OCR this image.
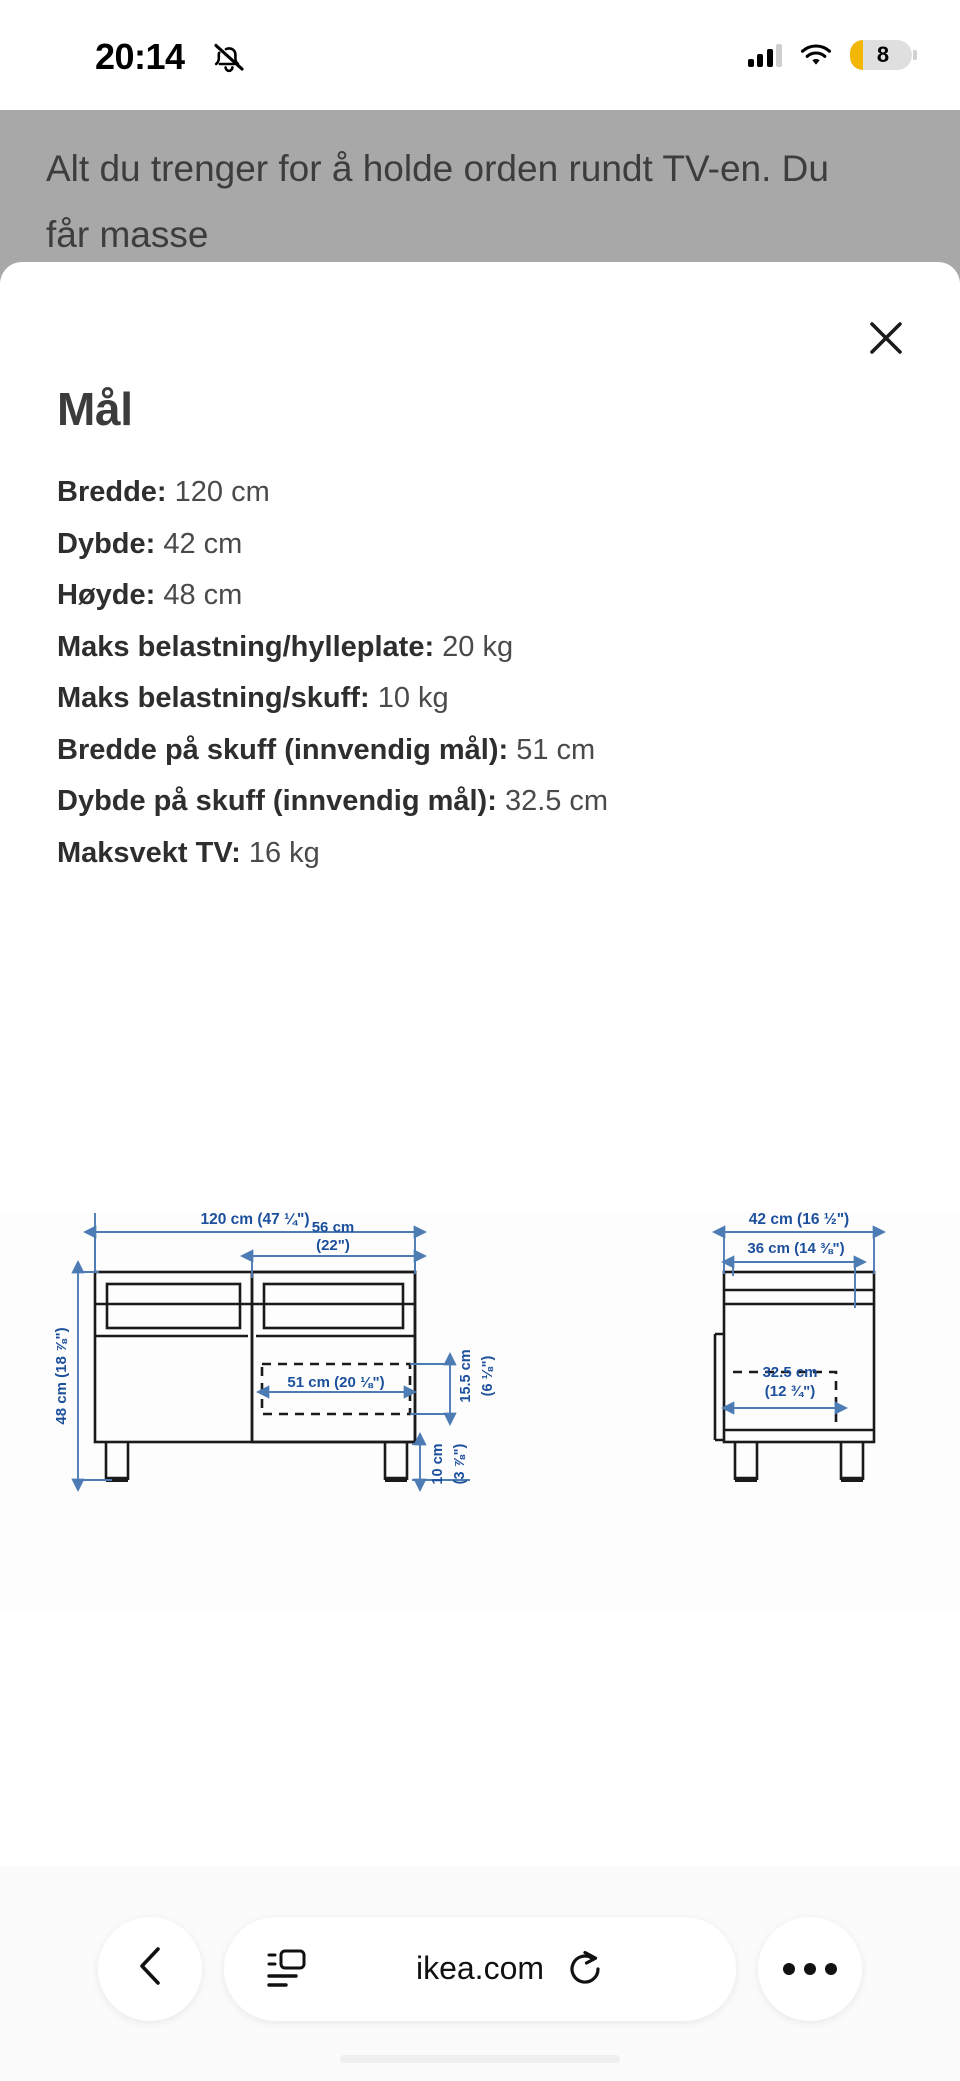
Alt du trenger for å holde orden rundt TV-en. Du får masse
20:14	8
Mål
Bredde: 120 cm
Dybde: 42 cm
Høyde: 48 cm
Maks belastning/hylleplate: 20 kg
Maks belastning/skuff: 10 kg
Bredde på skuff (innvendig mål): 51 cm
Dybde på skuff (innvendig mål): 32.5 cm
Maksvekt TV: 16 kg
120 cm (47 ¼") 56 cm
(22")
48 cm (18 ⅞")	51 cm (20 ⅛")	15.5 cm (6 ⅛")
10 cm (3 ⅞")
42 cm (16 ½")
36 cm (14 ⅜")
32.5 cm
(12 ¾")
ikea.com
